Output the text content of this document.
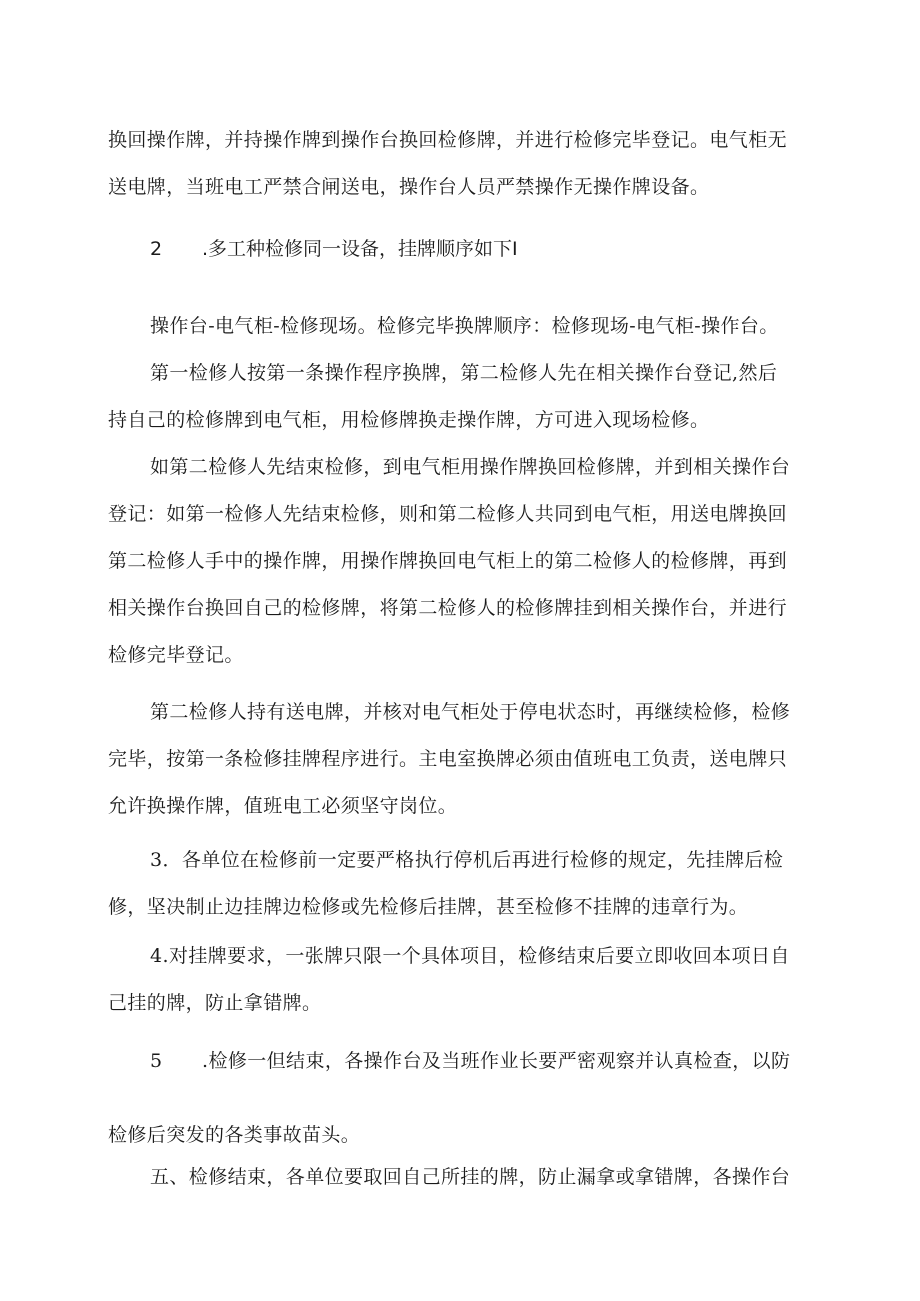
换回操作牌，并持操作牌到操作台换回检修牌，并进行检修完毕登记。电气柜无
送电牌，当班电工严禁合闸送电，操作台人员严禁操作无操作牌设备。
2 .多工种检修同一设备，挂牌顺序如下I
操作台-电气柜-检修现场。检修完毕换牌顺序：检修现场-电气柜-操作台。
第一检修人按第一条操作程序换牌，第二检修人先在相关操作台登记,然后
持自己的检修牌到电气柜，用检修牌换走操作牌，方可进入现场检修。
如第二检修人先结束检修，到电气柜用操作牌换回检修牌，并到相关操作台
登记：如第一检修人先结束检修，则和第二检修人共同到电气柜，用送电牌换回
第二检修人手中的操作牌，用操作牌换回电气柜上的第二检修人的检修牌，再到
相关操作台换回自己的检修牌，将第二检修人的检修牌挂到相关操作台，并进行
检修完毕登记。
第二检修人持有送电牌，并核对电气柜处于停电状态时，再继续检修，检修
完毕，按第一条检修挂牌程序进行。主电室换牌必须由值班电工负责，送电牌只
允许换操作牌，值班电工必须坚守岗位。
3．各单位在检修前一定要严格执行停机后再进行检修的规定，先挂牌后检
修，坚决制止边挂牌边检修或先检修后挂牌，甚至检修不挂牌的违章行为。
4.对挂牌要求，一张牌只限一个具体项目，检修结束后要立即收回本项日自
己挂的牌，防止拿错牌。
5 .检修一但结束，各操作台及当班作业长要严密观察并认真检查，以防
检修后突发的各类事故苗头。
五、检修结束，各单位要取回自己所挂的牌，防止漏拿或拿错牌，各操作台
